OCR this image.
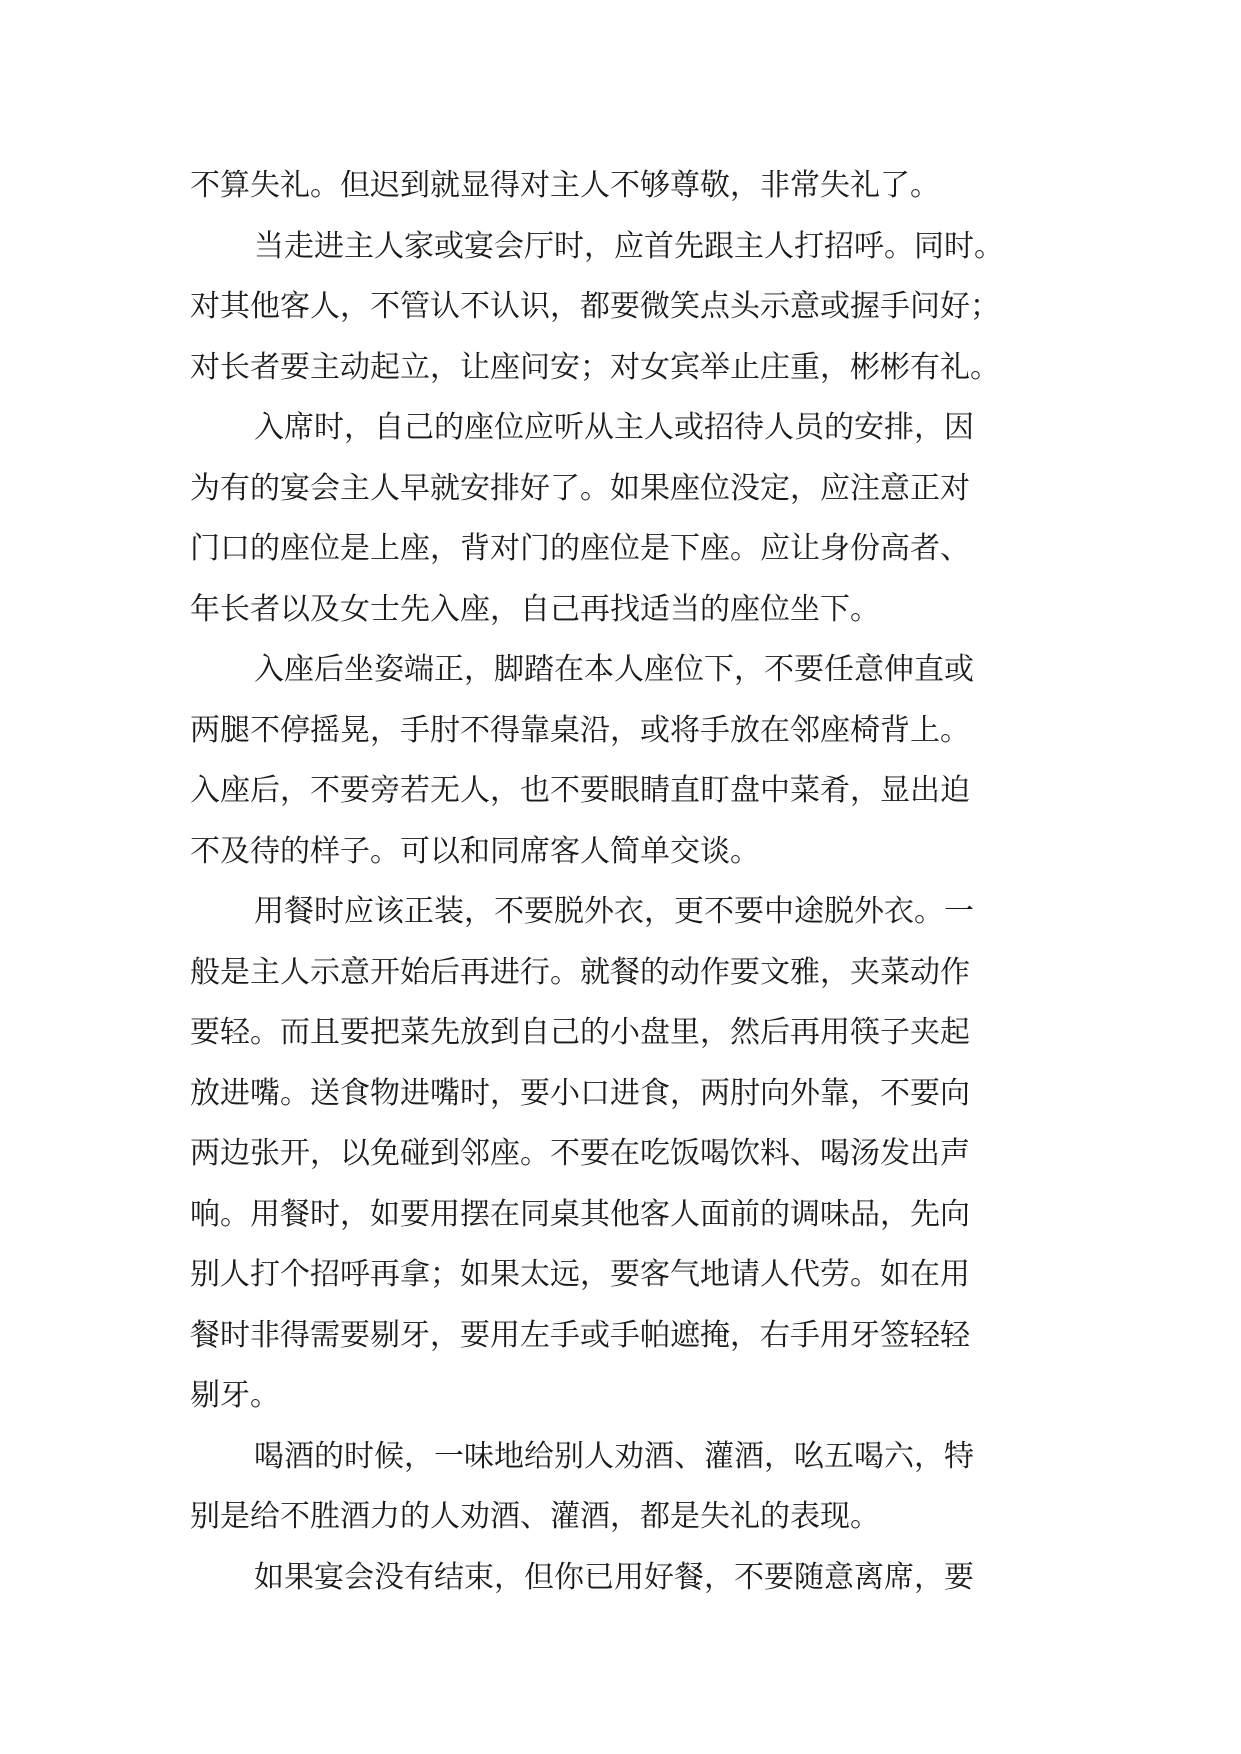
不算失礼。但迟到就显得对主人不够尊敬，非常失礼了。
当走进主人家或宴会厅时，应首先跟主人打招呼。同时。
对其他客人，不管认不认识，都要微笑点头示意或握手问好；
对长者要主动起立，让座问安；对女宾举止庄重，彬彬有礼。
入席时，自己的座位应听从主人或招待人员的安排，因
为有的宴会主人早就安排好了。如果座位没定，应注意正对
门口的座位是上座，背对门的座位是下座。应让身份高者、
年长者以及女士先入座，自己再找适当的座位坐下。
入座后坐姿端正，脚踏在本人座位下，不要任意伸直或
两腿不停摇晃，手肘不得靠桌沿，或将手放在邻座椅背上。
入座后，不要旁若无人，也不要眼睛直盯盘中菜肴，显出迫
不及待的样子。可以和同席客人简单交谈。
用餐时应该正装，不要脱外衣，更不要中途脱外衣。一
般是主人示意开始后再进行。就餐的动作要文雅，夹菜动作
要轻。而且要把菜先放到自己的小盘里，然后再用筷子夹起
放进嘴。送食物进嘴时，要小口进食，两肘向外靠，不要向
两边张开，以免碰到邻座。不要在吃饭喝饮料、喝汤发出声
响。用餐时，如要用摆在同桌其他客人面前的调味品，先向
别人打个招呼再拿；如果太远，要客气地请人代劳。如在用
餐时非得需要剔牙，要用左手或手帕遮掩，右手用牙签轻轻
剔牙。
喝酒的时候，一味地给别人劝酒、灌酒，吆五喝六，特
别是给不胜酒力的人劝酒、灌酒，都是失礼的表现。
如果宴会没有结束，但你已用好餐，不要随意离席，要
